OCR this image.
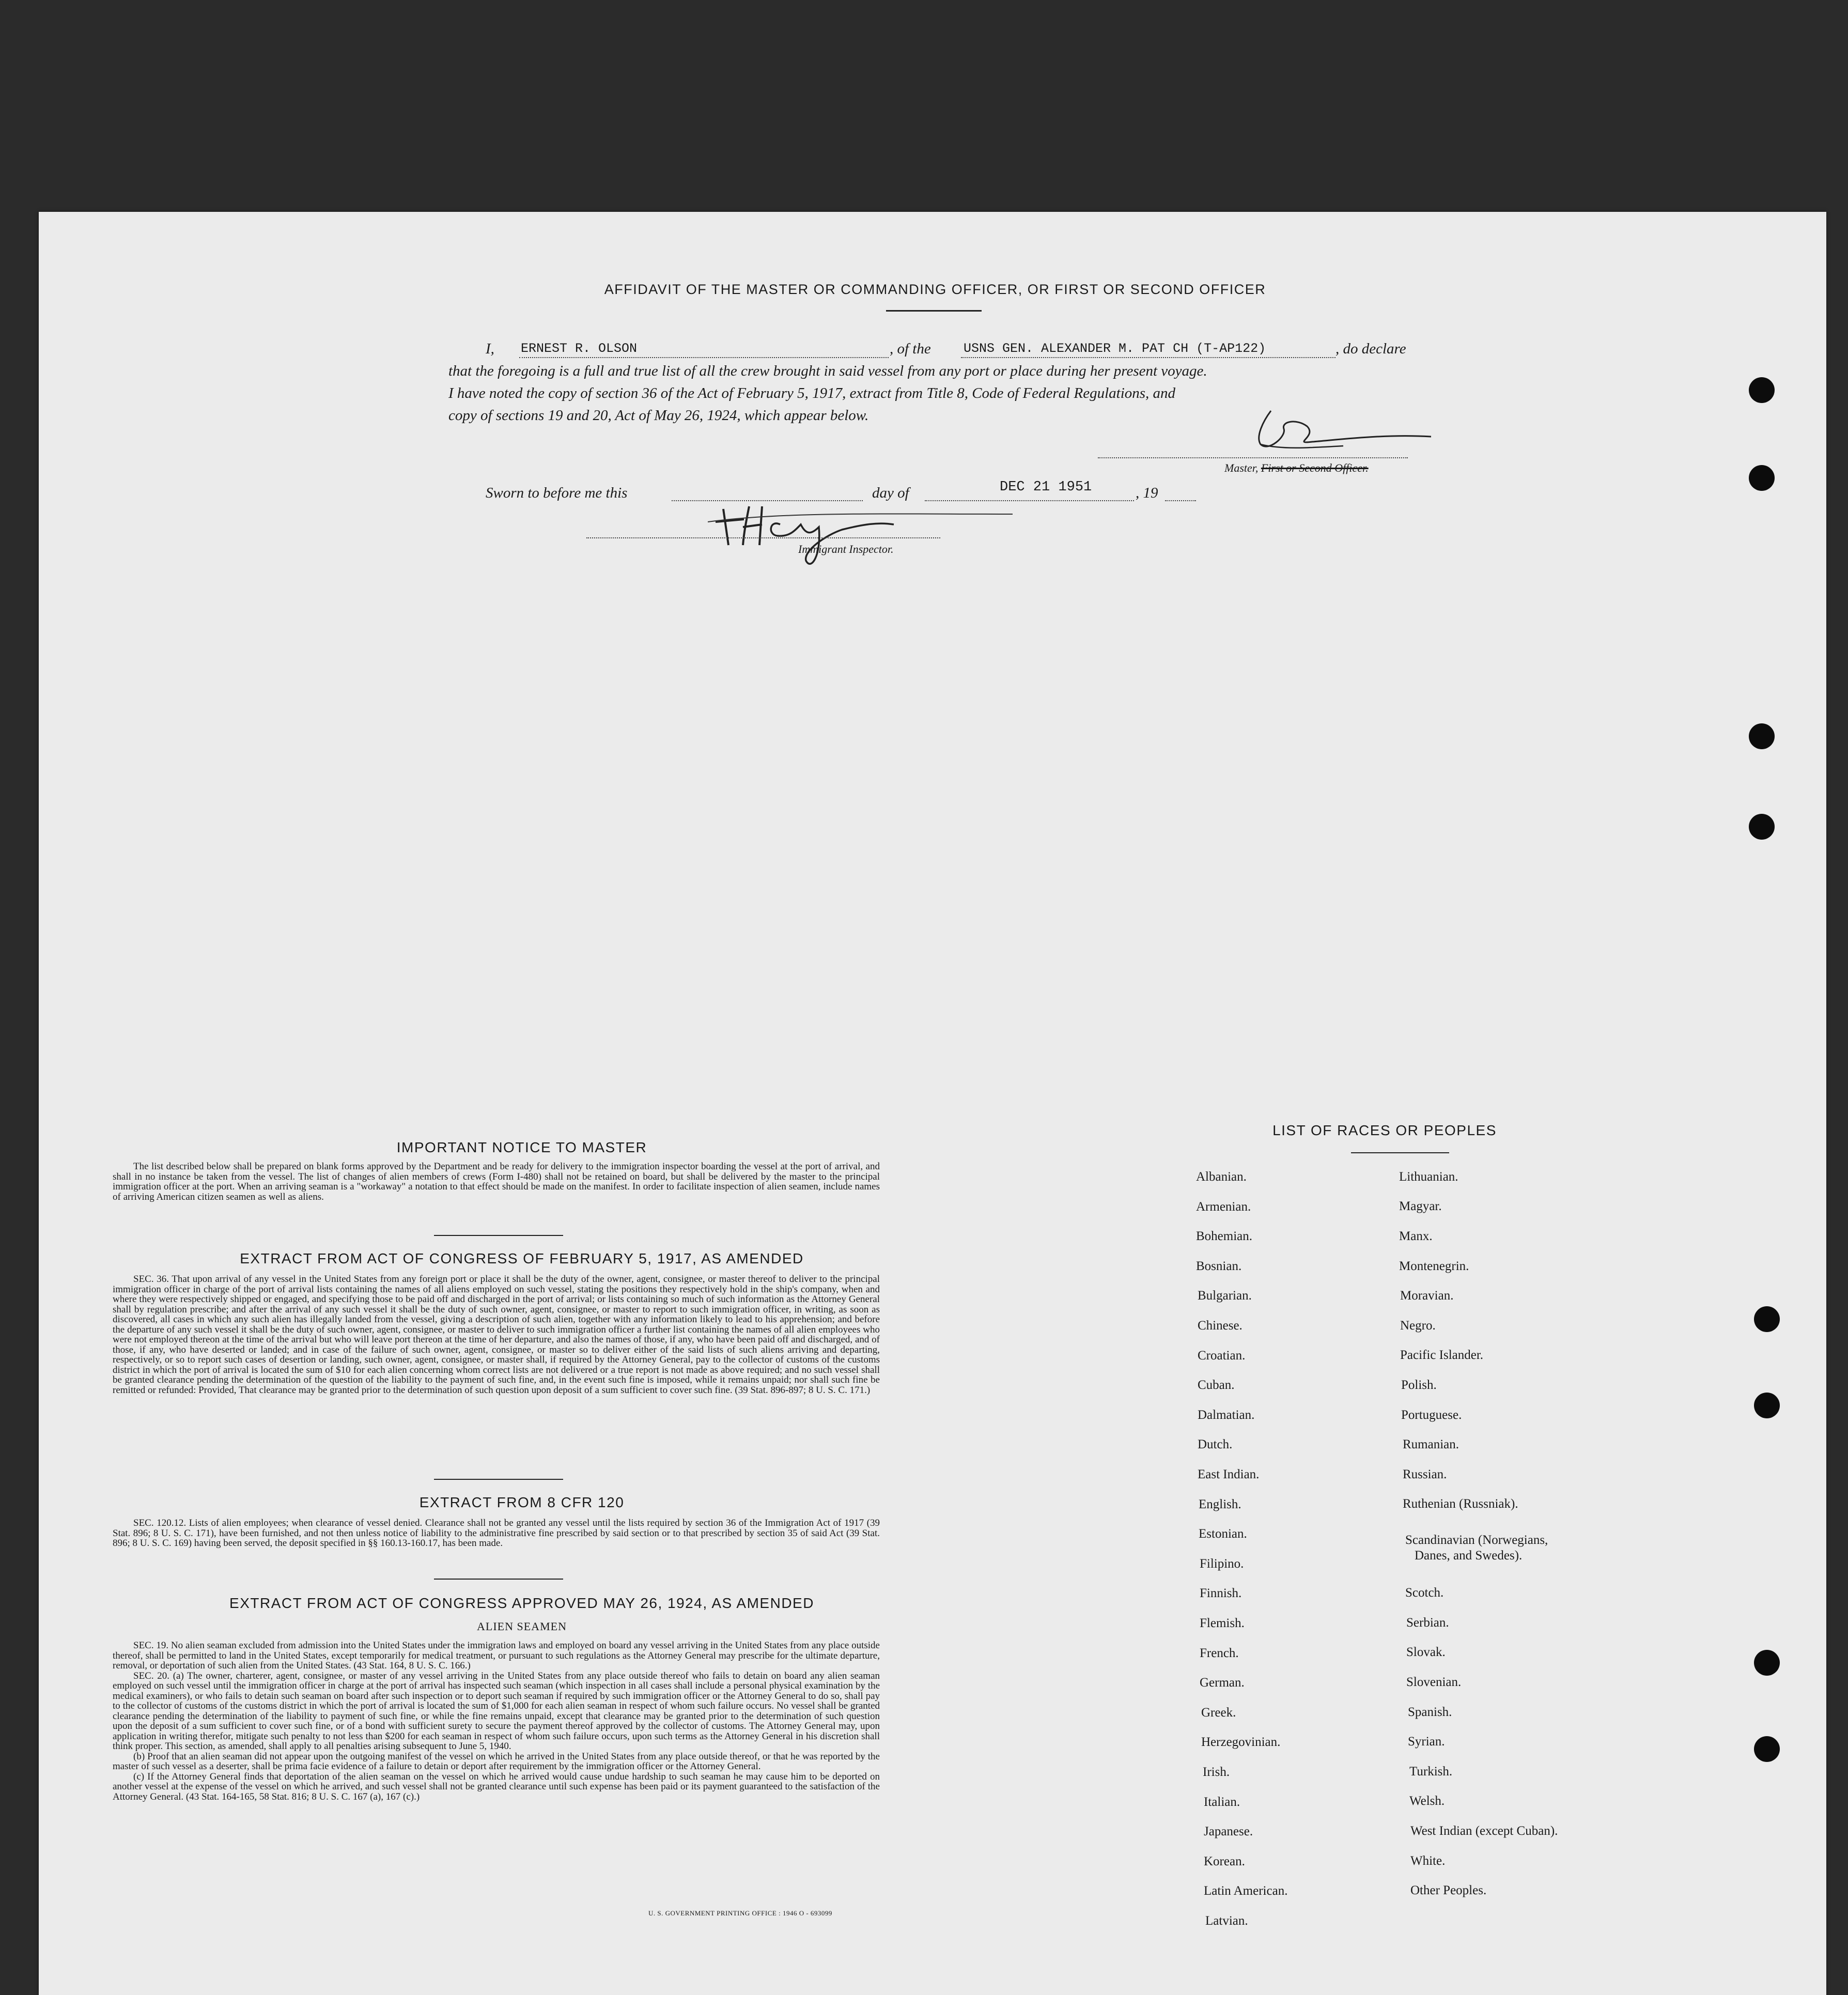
AFFIDAVIT OF THE MASTER OR COMMANDING OFFICER, OR FIRST OR SECOND OFFICER
I, ERNEST R. OLSON	, of the	USNS GEN. ALEXANDER M. PAT CH (T-AP122)	, do declare
that the foregoing is a full and true list of all the crew brought in said vessel from any port or place during her present voyage.
I have noted the copy of section 36 of the Act of February 5, 1917, extract from Title 8, Code of Federal Regulations, and
copy of sections 19 and 20, Act of May 26, 1924, which appear below.
Master, First or Second Officer.
Sworn to before me this	day of	DEC 21 1951	, 19
Immigrant Inspector.
IMPORTANT NOTICE TO MASTER

The list described below shall be prepared on blank forms approved by the Department and be ready for delivery to the immigration inspector boarding the vessel at the port of arrival, and shall in no instance be taken from the vessel. The list of changes of alien members of crews (Form I-480) shall not be retained on board, but shall be delivered by the master to the principal immigration officer at the port. When an arriving seaman is a "workaway" a notation to that effect should be made on the manifest. In order to facilitate inspection of alien seamen, include names of arriving American citizen seamen as well as aliens.

EXTRACT FROM ACT OF CONGRESS OF FEBRUARY 5, 1917, AS AMENDED

SEC. 36. That upon arrival of any vessel in the United States from any foreign port or place it shall be the duty of the owner, agent, consignee, or master thereof to deliver to the principal immigration officer in charge of the port of arrival lists containing the names of all aliens employed on such vessel, stating the positions they respectively hold in the ship's company, when and where they were respectively shipped or engaged, and specifying those to be paid off and discharged in the port of arrival; or lists containing so much of such information as the Attorney General shall by regulation prescribe; and after the arrival of any such vessel it shall be the duty of such owner, agent, consignee, or master to report to such immigration officer, in writing, as soon as discovered, all cases in which any such alien has illegally landed from the vessel, giving a description of such alien, together with any information likely to lead to his apprehension; and before the departure of any such vessel it shall be the duty of such owner, agent, consignee, or master to deliver to such immigration officer a further list containing the names of all alien employees who were not employed thereon at the time of the arrival but who will leave port thereon at the time of her departure, and also the names of those, if any, who have been paid off and discharged, and of those, if any, who have deserted or landed; and in case of the failure of such owner, agent, consignee, or master so to deliver either of the said lists of such aliens arriving and departing, respectively, or so to report such cases of desertion or landing, such owner, agent, consignee, or master shall, if required by the Attorney General, pay to the collector of customs of the customs district in which the port of arrival is located the sum of $10 for each alien concerning whom correct lists are not delivered or a true report is not made as above required; and no such vessel shall be granted clearance pending the determination of the question of the liability to the payment of such fine, and, in the event such fine is imposed, while it remains unpaid; nor shall such fine be remitted or refunded: Provided, That clearance may be granted prior to the determination of such question upon deposit of a sum sufficient to cover such fine. (39 Stat. 896-897; 8 U. S. C. 171.)

EXTRACT FROM 8 CFR 120

SEC. 120.12. Lists of alien employees; when clearance of vessel denied. Clearance shall not be granted any vessel until the lists required by section 36 of the Immigration Act of 1917 (39 Stat. 896; 8 U. S. C. 171), have been furnished, and not then unless notice of liability to the administrative fine prescribed by said section or to that prescribed by section 35 of said Act (39 Stat. 896; 8 U. S. C. 169) having been served, the deposit specified in §§ 160.13-160.17, has been made.

EXTRACT FROM ACT OF CONGRESS APPROVED MAY 26, 1924, AS AMENDED
ALIEN SEAMEN

SEC. 19. No alien seaman excluded from admission into the United States under the immigration laws and employed on board any vessel arriving in the United States from any place outside thereof, shall be permitted to land in the United States, except temporarily for medical treatment, or pursuant to such regulations as the Attorney General may prescribe for the ultimate departure, removal, or deportation of such alien from the United States. (43 Stat. 164, 8 U. S. C. 166.)

SEC. 20. (a) The owner, charterer, agent, consignee, or master of any vessel arriving in the United States from any place outside thereof who fails to detain on board any alien seaman employed on such vessel until the immigration officer in charge at the port of arrival has inspected such seaman (which inspection in all cases shall include a personal physical examination by the medical examiners), or who fails to detain such seaman on board after such inspection or to deport such seaman if required by such immigration officer or the Attorney General to do so, shall pay to the collector of customs of the customs district in which the port of arrival is located the sum of $1,000 for each alien seaman in respect of whom such failure occurs. No vessel shall be granted clearance pending the determination of the liability to payment of such fine, or while the fine remains unpaid, except that clearance may be granted prior to the determination of such question upon the deposit of a sum sufficient to cover such fine, or of a bond with sufficient surety to secure the payment thereof approved by the collector of customs. The Attorney General may, upon application in writing therefor, mitigate such penalty to not less than $200 for each seaman in respect of whom such failure occurs, upon such terms as the Attorney General in his discretion shall think proper. This section, as amended, shall apply to all penalties arising subsequent to June 5, 1940.

(b) Proof that an alien seaman did not appear upon the outgoing manifest of the vessel on which he arrived in the United States from any place outside thereof, or that he was reported by the master of such vessel as a deserter, shall be prima facie evidence of a failure to detain or deport after requirement by the immigration officer or the Attorney General.

(c) If the Attorney General finds that deportation of the alien seaman on the vessel on which he arrived would cause undue hardship to such seaman he may cause him to be deported on another vessel at the expense of the vessel on which he arrived, and such vessel shall not be granted clearance until such expense has been paid or its payment guaranteed to the satisfaction of the Attorney General. (43 Stat. 164-165, 58 Stat. 816; 8 U. S. C. 167 (a), 167 (c).)

U. S. GOVERNMENT PRINTING OFFICE : 1946 O - 693099
LIST OF RACES OR PEOPLES
Albanian.
Armenian.
Bohemian.
Bosnian.
Bulgarian.
Chinese.
Croatian.
Cuban.
Dalmatian.
Dutch.
East Indian.
English.
Estonian.
Filipino.
Finnish.
Flemish.
French.
German.
Greek.
Herzegovinian.
Irish.
Italian.
Japanese.
Korean.
Latin American.
Latvian.
Lithuanian.
Magyar.
Manx.
Montenegrin.
Moravian.
Negro.
Pacific Islander.
Polish.
Portuguese.
Rumanian.
Russian.
Ruthenian (Russniak).
Scandinavian (Norwegians,
Danes, and Swedes).
Scotch.
Serbian.
Slovak.
Slovenian.
Spanish.
Syrian.
Turkish.
Welsh.
West Indian (except Cuban).
White.
Other Peoples.
